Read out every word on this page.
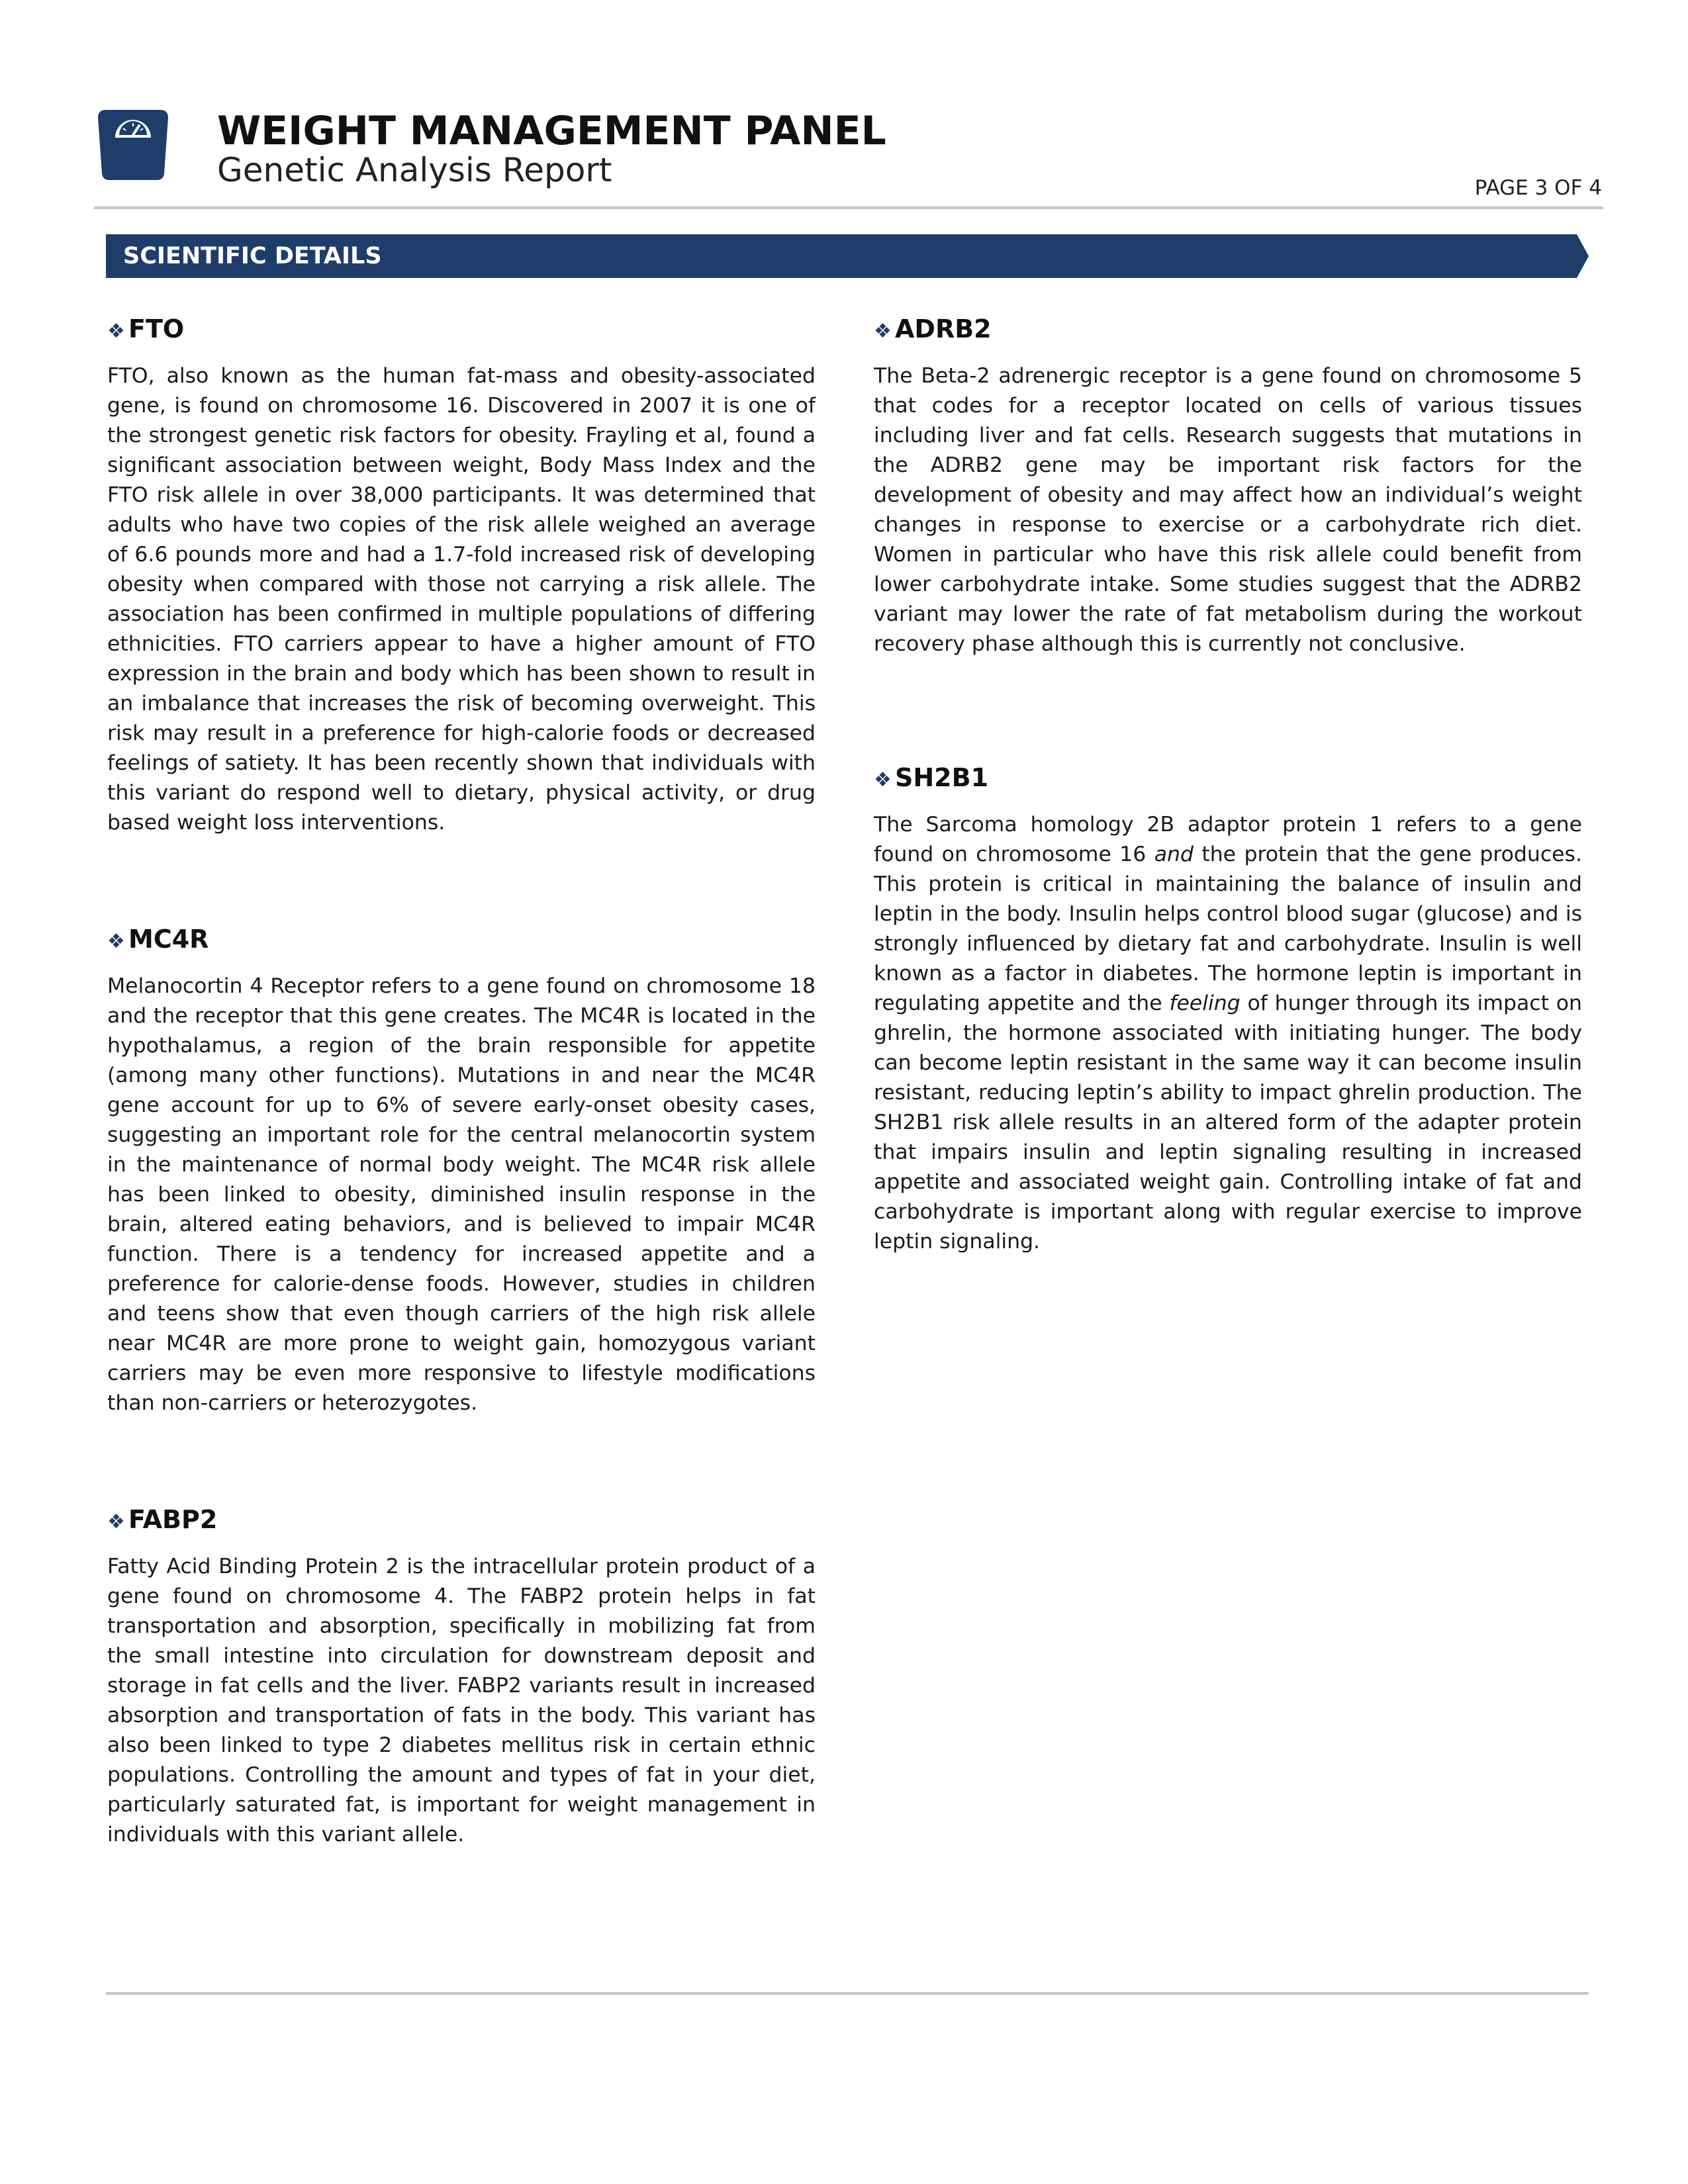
WEIGHT MANAGEMENT PANEL
Genetic Analysis Report	PAGE 3 OF 4
SCIENTIFIC DETAILS
❖ FTO

FTO, also known as the human fat-mass and obesity-associated gene, is found on chromosome 16. Discovered in 2007 it is one of the strongest genetic risk factors for obesity. Frayling et al, found a significant association between weight, Body Mass Index and the FTO risk allele in over 38,000 participants. It was determined that adults who have two copies of the risk allele weighed an average of 6.6 pounds more and had a 1.7-fold increased risk of developing obesity when compared with those not carrying a risk allele. The association has been confirmed in multiple populations of differing ethnicities. FTO carriers appear to have a higher amount of FTO expression in the brain and body which has been shown to result in an imbalance that increases the risk of becoming overweight. This risk may result in a preference for high-calorie foods or decreased feelings of satiety. It has been recently shown that individuals with this variant do respond well to dietary, physical activity, or drug based weight loss interventions.

❖ MC4R

Melanocortin 4 Receptor refers to a gene found on chromosome 18 and the receptor that this gene creates. The MC4R is located in the hypothalamus, a region of the brain responsible for appetite (among many other functions). Mutations in and near the MC4R gene account for up to 6% of severe early-onset obesity cases, suggesting an important role for the central melanocortin system in the maintenance of normal body weight. The MC4R risk allele has been linked to obesity, diminished insulin response in the brain, altered eating behaviors, and is believed to impair MC4R function. There is a tendency for increased appetite and a preference for calorie-dense foods. However, studies in children and teens show that even though carriers of the high risk allele near MC4R are more prone to weight gain, homozygous variant carriers may be even more responsive to lifestyle modifications than non-carriers or heterozygotes.

❖ FABP2

Fatty Acid Binding Protein 2 is the intracellular protein product of a gene found on chromosome 4. The FABP2 protein helps in fat transportation and absorption, specifically in mobilizing fat from the small intestine into circulation for downstream deposit and storage in fat cells and the liver. FABP2 variants result in increased absorption and transportation of fats in the body. This variant has also been linked to type 2 diabetes mellitus risk in certain ethnic populations. Controlling the amount and types of fat in your diet, particularly saturated fat, is important for weight management in individuals with this variant allele.

❖ ADRB2

The Beta-2 adrenergic receptor is a gene found on chromosome 5 that codes for a receptor located on cells of various tissues including liver and fat cells. Research suggests that mutations in the ADRB2 gene may be important risk factors for the development of obesity and may affect how an individual’s weight changes in response to exercise or a carbohydrate rich diet. Women in particular who have this risk allele could benefit from lower carbohydrate intake. Some studies suggest that the ADRB2 variant may lower the rate of fat metabolism during the workout recovery phase although this is currently not conclusive.

❖ SH2B1

The Sarcoma homology 2B adaptor protein 1 refers to a gene found on chromosome 16 and the protein that the gene produces. This protein is critical in maintaining the balance of insulin and leptin in the body. Insulin helps control blood sugar (glucose) and is strongly influenced by dietary fat and carbohydrate. Insulin is well known as a factor in diabetes. The hormone leptin is important in regulating appetite and the feeling of hunger through its impact on ghrelin, the hormone associated with initiating hunger. The body can become leptin resistant in the same way it can become insulin resistant, reducing leptin’s ability to impact ghrelin production. The SH2B1 risk allele results in an altered form of the adapter protein that impairs insulin and leptin signaling resulting in increased appetite and associated weight gain. Controlling intake of fat and carbohydrate is important along with regular exercise to improve leptin signaling.
